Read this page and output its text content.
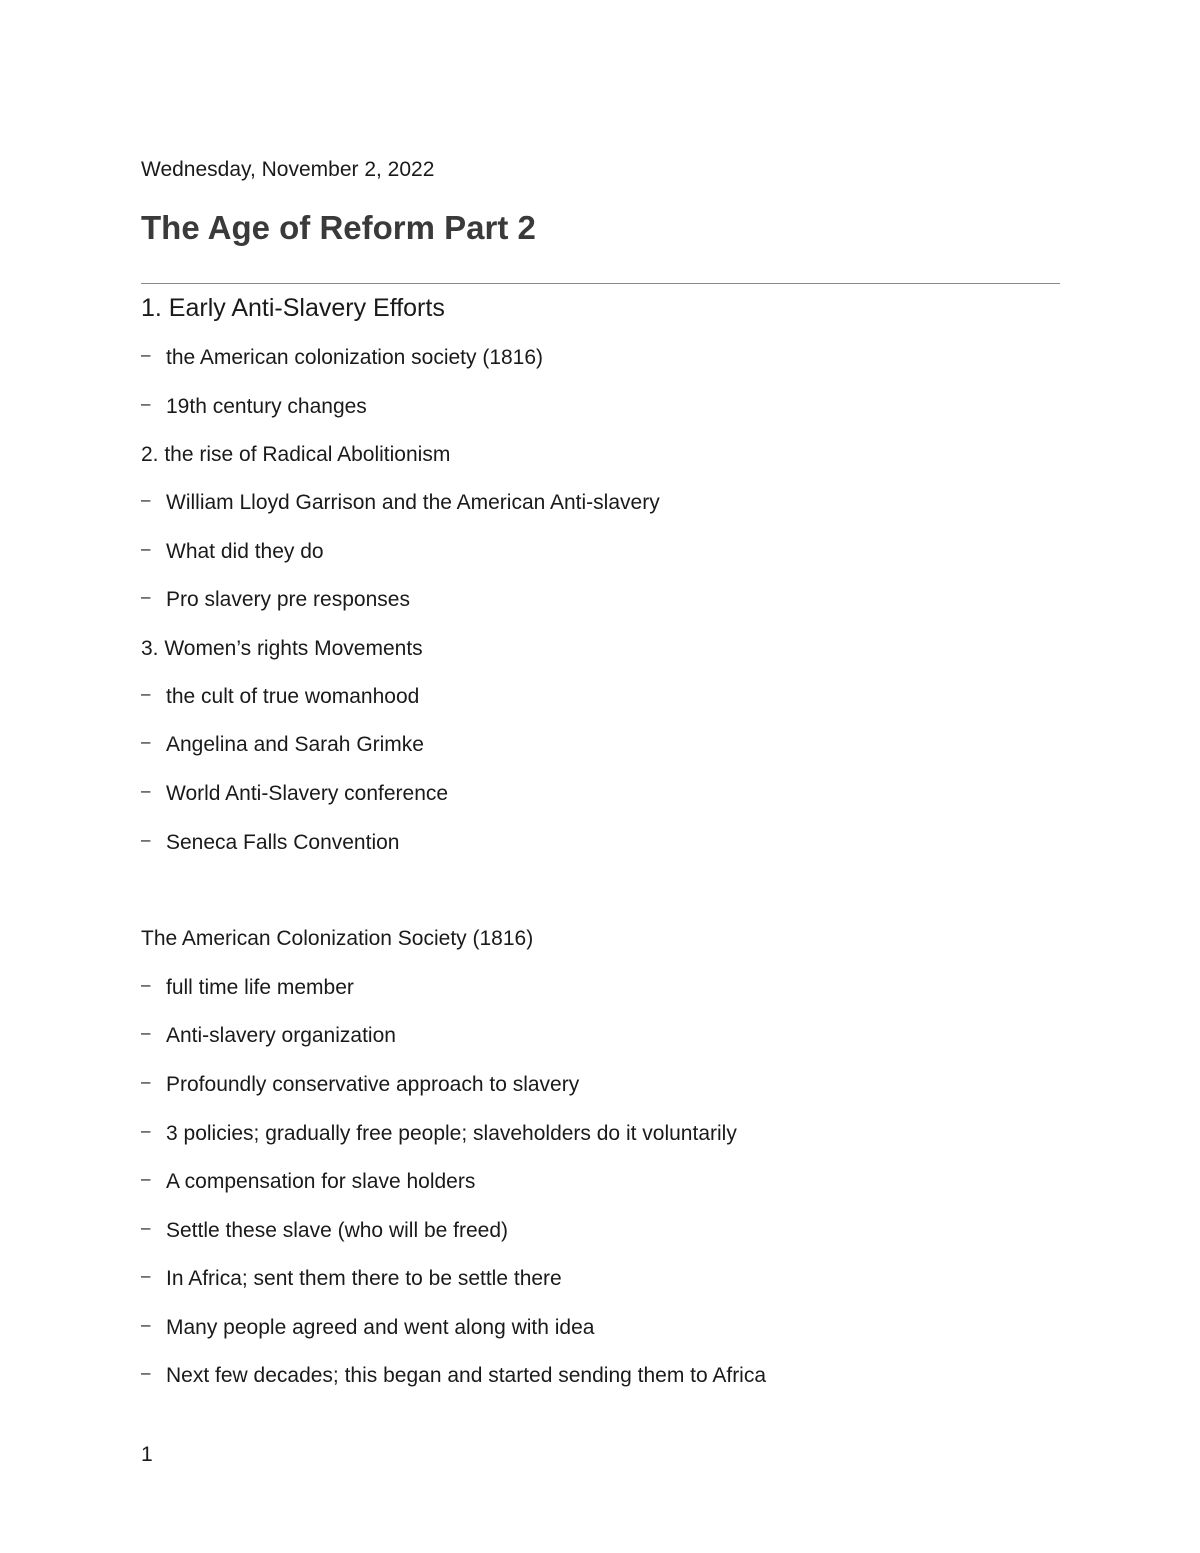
Wednesday, November 2, 2022
The Age of Reform Part 2
1. Early Anti-Slavery Efforts
– the American colonization society (1816)
– 19th century changes
2. the rise of Radical Abolitionism
– William Lloyd Garrison and the American Anti-slavery
– What did they do
– Pro slavery pre responses
3. Women’s rights Movements
– the cult of true womanhood
– Angelina and Sarah Grimke
– World Anti-Slavery conference
– Seneca Falls Convention
The American Colonization Society (1816)
– full time life member
– Anti-slavery organization
– Profoundly conservative approach to slavery
– 3 policies; gradually free people; slaveholders do it voluntarily
– A compensation for slave holders
– Settle these slave (who will be freed)
– In Africa; sent them there to be settle there
– Many people agreed and went along with idea
– Next few decades; this began and started sending them to Africa
1
